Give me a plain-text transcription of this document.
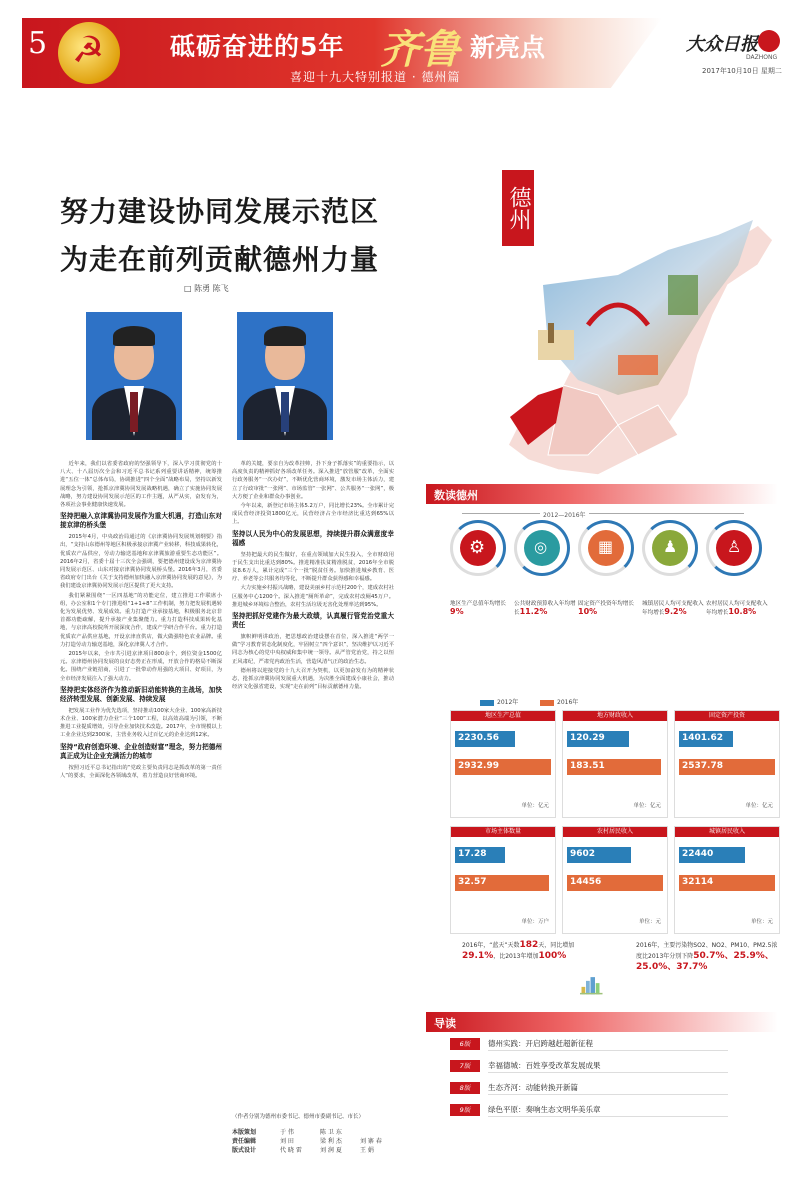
5 ☭	砥砺奋进的5年 齐鲁 新亮点
喜迎十九大特别报道 · 德州篇
大众日报
DAZHONG
2017年10月10日 星期二
努力建设协同发展示范区
为走在前列贡献德州力量
□ 陈勇 陈飞

近年来，我们以省委省政府的坚强领导下，深入学习贯彻党的十八大、十八届历次全会和习近平总书记系列重要讲话精神，统筹推进“五位一体”总体布局，协调推进“四个全面”战略布局，坚持以新发展理念为引领，抢抓京津冀协同发展战略机遇，确立了实施协同发展战略，努力建设协同发展示范区的工作主题，从严从实，奋发有为，各项社会事业健康快速发展。

坚持把融入京津冀协同发展作为重大机遇，打造山东对接京津的桥头堡

2015年4月，中央政治局通过的《京津冀协同发展规划纲要》指出，“支持山东德州等地区积极承接京津冀产业转移，科技成果转化，优质农产品供应，劳动力输送基地和京津冀旅游重要生态功能区”。2016年2月，省委十届十三次全会强调，要把德州建设成为京津冀协同发展示范区、山东对接京津冀协同发展桥头堡。2016年3月，省委省政府专门出台《关于支持德州加快融入京津冀协同发展的意见》，为我们建设京津冀协同发展示范区提供了更大支持。

我们紧紧围绕“一区四基地”的功能定位，建立推进工作联席小组，办公室和1个专门推进组“1+1+8”工作机制，努力把发展机遇转化为发展优势、发展成效。重力打造产业承接基地，积极服务北京非首都功能疏解，提升承接产业集聚能力。重力打造科技成果转化基地，与京津高校院所开展深度合作，建成产学研合作平台。重力打造优质农产品供应基地，开设京津直供店，做大做强特色农业品牌。重力打造劳动力输送基地，深化京津冀人才合作。

2015年以来，全市共引进京津项目800余个，到位资金1500亿元。京津德州协同发展的良好态势正在形成，开放合作的格局不断深化。围绕产业链招商，引进了一批带动作用强的大项目、好项目，为全市经济发展注入了强大动力。

坚持把实体经济作为推动新旧动能转换的主战场，加快经济转型发展、创新发展、持续发展

把发展工业作为优先选项，坚持推动100家大企业、100家高新技术企业、100家潜力企业“三个100”工程，以高效高端为引领，不断推进工业提质增效，引导企业加快技术改造。2017年，全市规模以上工业企业达到2300家，主营业务收入过百亿元的企业达到12家。

坚持“政府创造环境、企业创造财富”理念，努力把德州真正成为让企业充满活力的城市

按照习近平总书记指出的“党政主要负责同志是抓改革的第一责任人”的要求，全面深化各领域改革，着力营造良好营商环境。

革的关键，要亲自为改革挂帅，扑下身子抓落实”的重要指示，以高度负责的精神抓好各项改革任务。深入推进“放管服”改革，全面实行政务服务“一次办好”，不断优化营商环境，激发市场主体活力，建立了行政审批“一张网”、市场监管“一张网”、公共服务“一张网”，极大方便了企业和群众办事创业。

今年以来，新登记市场主体5.2万户，同比增长23%。全市累计完成民营经济投资1800亿元，民营经济占全市经济比重达到65%以上。

坚持以人民为中心的发展思想，持续提升群众满意度幸福感

坚持把最大的民生做好，在重点领域加大民生投入，全市财政用于民生支出比重达到80%。推进精准扶贫精准脱贫，2016年全市脱贫8.6万人，累计完成“三个一批”脱贫任务。加快推进城乡教育、医疗、养老等公共服务均等化，不断提升群众获得感和幸福感。

大力实施乡村振兴战略，建设美丽乡村示范村200个，建成农村社区服务中心1200个。深入推进“厕所革命”，完成农村改厕45万户。推进城乡环境综合整治，农村生活垃圾无害化处理率达到95%。

坚持把抓好党建作为最大政绩，认真履行管党治党重大责任

旗帜鲜明讲政治，把思想政治建设摆在首位，深入推进“两学一做”学习教育常态化制度化，牢固树立“四个意识”，坚决维护以习近平同志为核心的党中央权威和集中统一领导。从严管党治党，持之以恒正风肃纪，严肃党内政治生活，营造风清气正的政治生态。

德州将以迎接党的十九大召开为契机，以更加奋发有为的精神状态，抢抓京津冀协同发展重大机遇，为决胜全面建成小康社会，推动经济文化强省建设，实现“走在前列”目标贡献德州力量。

（作者分别为德州市委书记、德州市委副书记、市长）
德州
数读德州
2012—2016年
⚙	◎	▦	♟	♙
地区生产总值年均增长9%
公共财政预算收入年均增长11.2%
固定资产投资年均增长10%
城镇居民人均可支配收入年均增长9.2%
农村居民人均可支配收入年均增长10.8%
2012年	2016年
地区生产总值
2230.56
2932.99
单位：亿元
地方财政收入
120.29
183.51
单位：亿元
固定资产投资
1401.62
2537.78
单位：亿元
市场主体数量
17.28
32.57
单位：万户
农村居民收入
9602
14456
单位：元
城镇居民收入
22440
32114
单位：元
2016年，“蓝天”天数182天，同比增加29.1%，比2013年增加100%
2016年，主要污染物SO2、NO2、PM10、PM2.5浓度比2013年分别下降50.7%、25.9%、25.0%、37.7%
导读
6版	德州实践：开启跨越赶超新征程
7版	幸福德城：百姓享受改革发展成果
8版	生态齐河：动能转换开新篇
9版	绿色平原：奏响生态文明华美乐章
本版策划	于 伟	陈 卫 东
责任编辑	刘 田	梁 利 杰	刘 寨 春
版式设计	代 晓 雷	刘 润 夏	王 娟
